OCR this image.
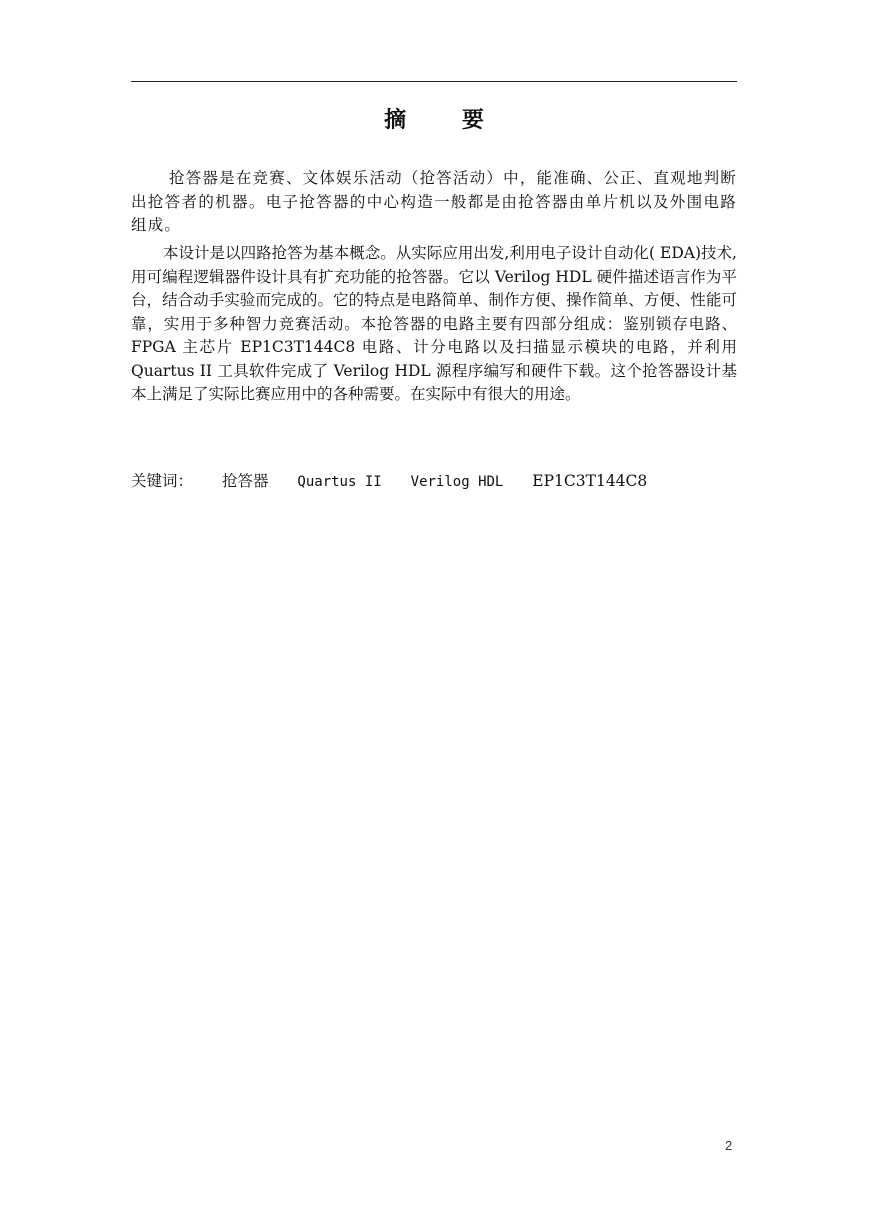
摘 要

抢答器是在竞赛、文体娱乐活动（抢答活动）中，能准确、公正、直观地判断出抢答者的机器。电子抢答器的中心构造一般都是由抢答器由单片机以及外围电路组成。

本设计是以四路抢答为基本概念。从实际应用出发,利用电子设计自动化( EDA)技术,用可编程逻辑器件设计具有扩充功能的抢答器。它以 Verilog HDL 硬件描述语言作为平台，结合动手实验而完成的。它的特点是电路简单、制作方便、操作简单、方便、性能可靠，实用于多种智力竞赛活动。本抢答器的电路主要有四部分组成：鉴别锁存电路、FPGA 主芯片 EP1C3T144C8 电路、计分电路以及扫描显示模块的电路，并利用 Quartus II 工具软件完成了 Verilog HDL 源程序编写和硬件下载。这个抢答器设计基本上满足了实际比赛应用中的各种需要。在实际中有很大的用途。

关键词： 抢答器 Quartus II Verilog HDL EP1C3T144C8
2
